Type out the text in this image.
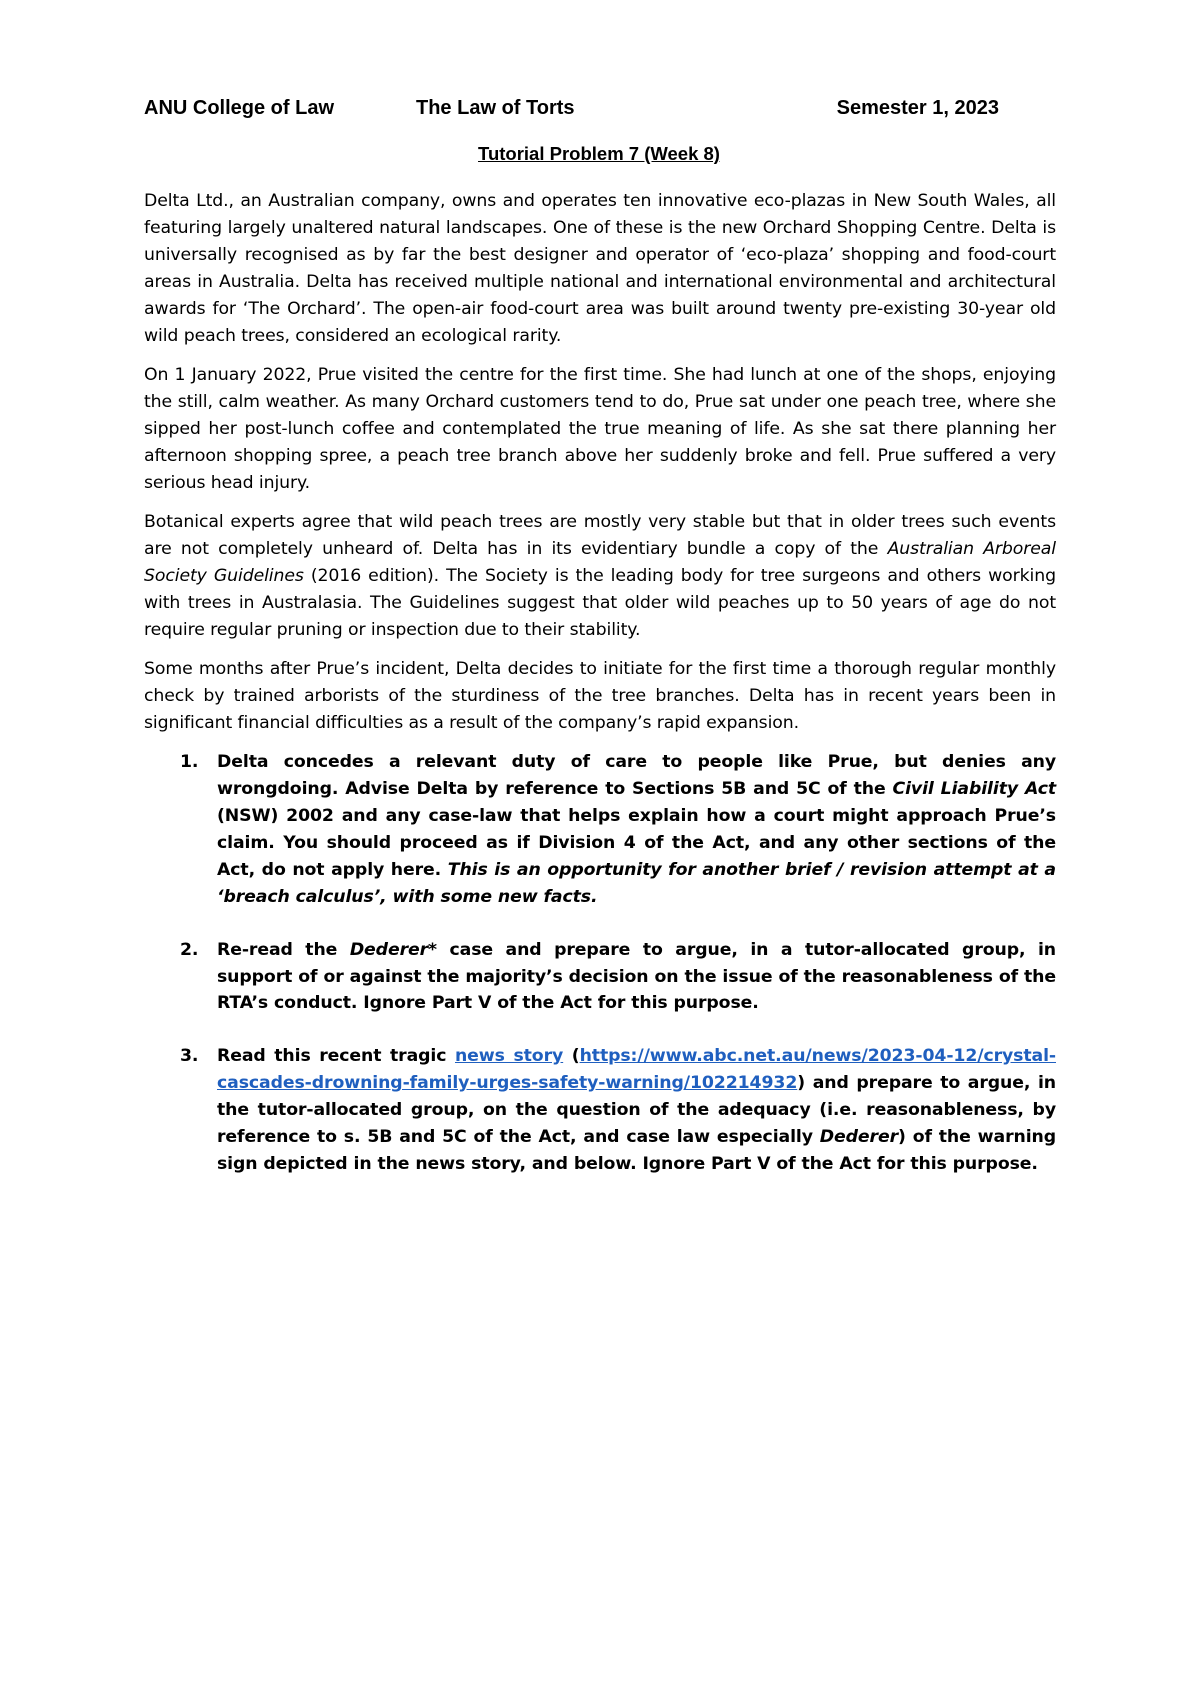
ANU College of Law	The Law of Torts	Semester 1, 2023
Tutorial Problem 7 (Week 8)

Delta Ltd., an Australian company, owns and operates ten innovative eco-plazas in New South Wales, all featuring largely unaltered natural landscapes. One of these is the new Orchard Shopping Centre. Delta is universally recognised as by far the best designer and operator of ‘eco-plaza’ shopping and food-court areas in Australia. Delta has received multiple national and international environmental and architectural awards for ‘The Orchard’. The open-air food-court area was built around twenty pre-existing 30-year old wild peach trees, considered an ecological rarity.

On 1 January 2022, Prue visited the centre for the first time. She had lunch at one of the shops, enjoying the still, calm weather. As many Orchard customers tend to do, Prue sat under one peach tree, where she sipped her post-lunch coffee and contemplated the true meaning of life. As she sat there planning her afternoon shopping spree, a peach tree branch above her suddenly broke and fell. Prue suffered a very serious head injury.

Botanical experts agree that wild peach trees are mostly very stable but that in older trees such events are not completely unheard of. Delta has in its evidentiary bundle a copy of the Australian Arboreal Society Guidelines (2016 edition). The Society is the leading body for tree surgeons and others working with trees in Australasia. The Guidelines suggest that older wild peaches up to 50 years of age do not require regular pruning or inspection due to their stability.

Some months after Prue’s incident, Delta decides to initiate for the first time a thorough regular monthly check by trained arborists of the sturdiness of the tree branches. Delta has in recent years been in significant financial difficulties as a result of the company’s rapid expansion.

1. Delta concedes a relevant duty of care to people like Prue, but denies any wrongdoing. Advise Delta by reference to Sections 5B and 5C of the Civil Liability Act (NSW) 2002 and any case-law that helps explain how a court might approach Prue’s claim. You should proceed as if Division 4 of the Act, and any other sections of the Act, do not apply here. This is an opportunity for another brief / revision attempt at a ‘breach calculus’, with some new facts.
2. Re-read the Dederer* case and prepare to argue, in a tutor-allocated group, in support of or against the majority’s decision on the issue of the reasonableness of the RTA’s conduct. Ignore Part V of the Act for this purpose.
3. Read this recent tragic news story (https://www.abc.net.au/news/2023-04-12/crystal-cascades-drowning-family-urges-safety-warning/102214932) and prepare to argue, in the tutor-allocated group, on the question of the adequacy (i.e. reasonableness, by reference to s. 5B and 5C of the Act, and case law especially Dederer) of the warning sign depicted in the news story, and below. Ignore Part V of the Act for this purpose.
